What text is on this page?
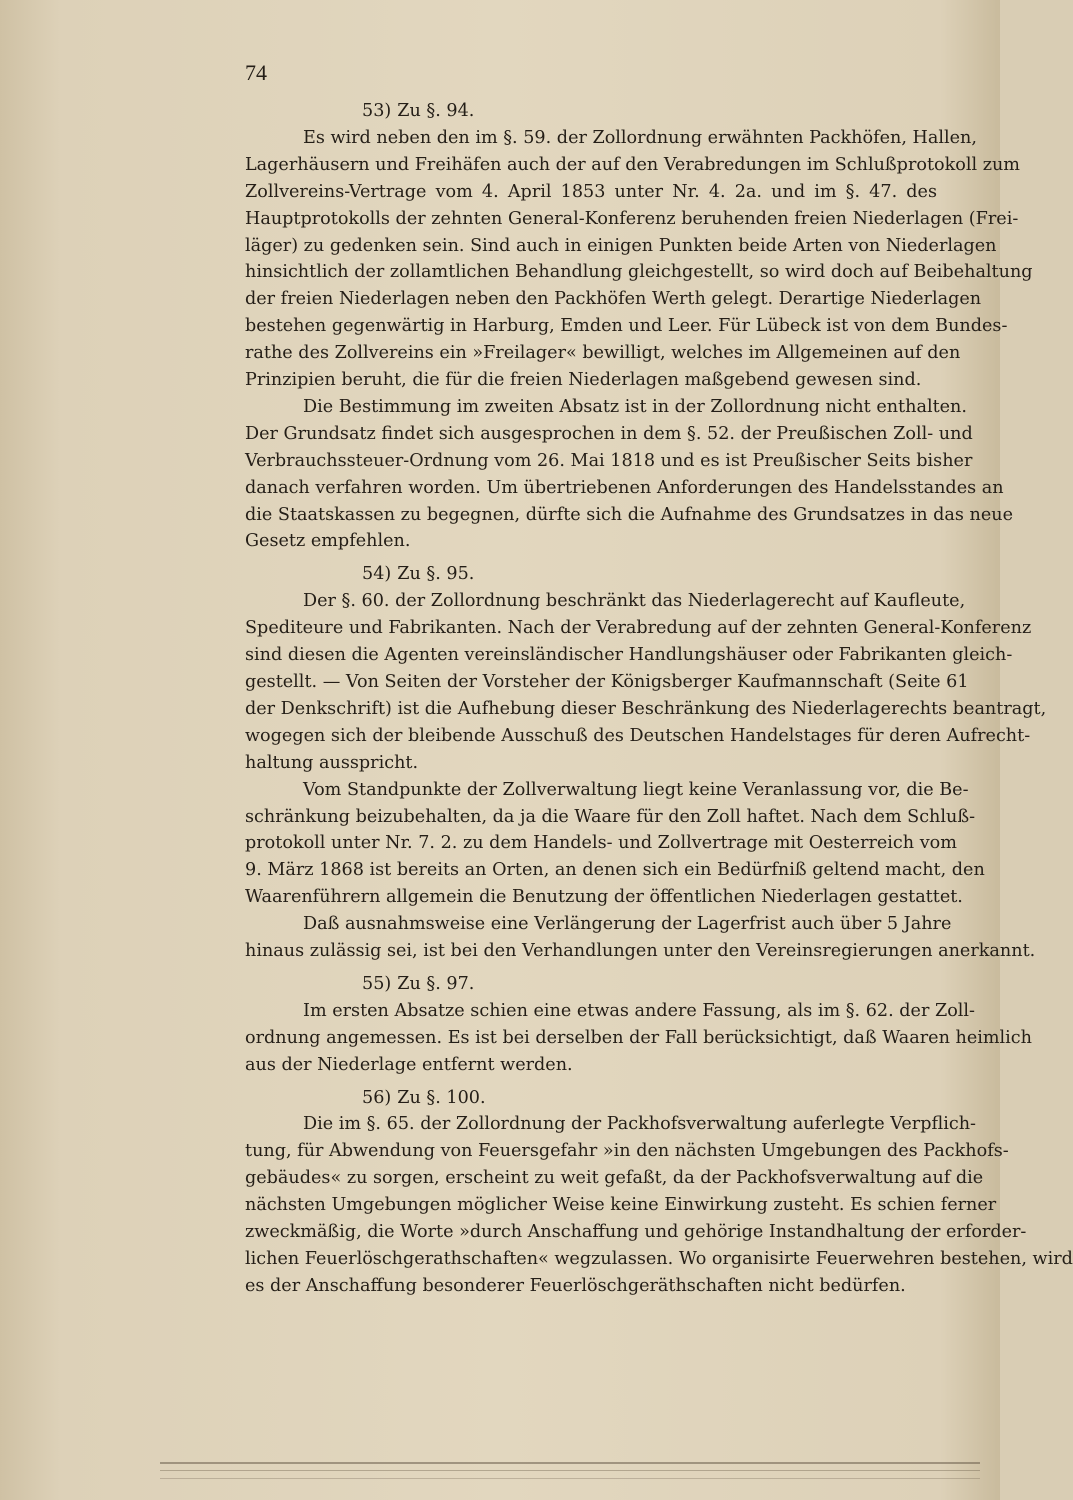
74
53) Zu §. 94.

Es wird neben den im §. 59. der Zollordnung erwähnten Packhöfen, Hallen,
Lagerhäusern und Freihäfen auch der auf den Verabredungen im Schlußprotokoll zum
Zollvereins-Vertrage vom 4. April 1853 unter Nr. 4. 2a. und im §. 47. des
Hauptprotokolls der zehnten General-Konferenz beruhenden freien Niederlagen (Frei-
läger) zu gedenken sein. Sind auch in einigen Punkten beide Arten von Niederlagen
hinsichtlich der zollamtlichen Behandlung gleichgestellt, so wird doch auf Beibehaltung
der freien Niederlagen neben den Packhöfen Werth gelegt. Derartige Niederlagen
bestehen gegenwärtig in Harburg, Emden und Leer. Für Lübeck ist von dem Bundes-
rathe des Zollvereins ein »Freilager« bewilligt, welches im Allgemeinen auf den
Prinzipien beruht, die für die freien Niederlagen maßgebend gewesen sind.

Die Bestimmung im zweiten Absatz ist in der Zollordnung nicht enthalten.
Der Grundsatz findet sich ausgesprochen in dem §. 52. der Preußischen Zoll- und
Verbrauchssteuer-Ordnung vom 26. Mai 1818 und es ist Preußischer Seits bisher
danach verfahren worden. Um übertriebenen Anforderungen des Handelsstandes an
die Staatskassen zu begegnen, dürfte sich die Aufnahme des Grundsatzes in das neue
Gesetz empfehlen.

54) Zu §. 95.

Der §. 60. der Zollordnung beschränkt das Niederlagerecht auf Kaufleute,
Spediteure und Fabrikanten. Nach der Verabredung auf der zehnten General-Konferenz
sind diesen die Agenten vereinsländischer Handlungshäuser oder Fabrikanten gleich-
gestellt. — Von Seiten der Vorsteher der Königsberger Kaufmannschaft (Seite 61
der Denkschrift) ist die Aufhebung dieser Beschränkung des Niederlagerechts beantragt,
wogegen sich der bleibende Ausschuß des Deutschen Handelstages für deren Aufrecht-
haltung ausspricht.

Vom Standpunkte der Zollverwaltung liegt keine Veranlassung vor, die Be-
schränkung beizubehalten, da ja die Waare für den Zoll haftet. Nach dem Schluß-
protokoll unter Nr. 7. 2. zu dem Handels- und Zollvertrage mit Oesterreich vom
9. März 1868 ist bereits an Orten, an denen sich ein Bedürfniß geltend macht, den
Waarenführern allgemein die Benutzung der öffentlichen Niederlagen gestattet.

Daß ausnahmsweise eine Verlängerung der Lagerfrist auch über 5 Jahre
hinaus zulässig sei, ist bei den Verhandlungen unter den Vereinsregierungen anerkannt.

55) Zu §. 97.

Im ersten Absatze schien eine etwas andere Fassung, als im §. 62. der Zoll-
ordnung angemessen. Es ist bei derselben der Fall berücksichtigt, daß Waaren heimlich
aus der Niederlage entfernt werden.

56) Zu §. 100.

Die im §. 65. der Zollordnung der Packhofsverwaltung auferlegte Verpflich-
tung, für Abwendung von Feuersgefahr »in den nächsten Umgebungen des Packhofs-
gebäudes« zu sorgen, erscheint zu weit gefaßt, da der Packhofsverwaltung auf die
nächsten Umgebungen möglicher Weise keine Einwirkung zusteht. Es schien ferner
zweckmäßig, die Worte »durch Anschaffung und gehörige Instandhaltung der erforder-
lichen Feuerlöschgerathschaften« wegzulassen. Wo organisirte Feuerwehren bestehen, wird
es der Anschaffung besonderer Feuerlöschgeräthschaften nicht bedürfen.
